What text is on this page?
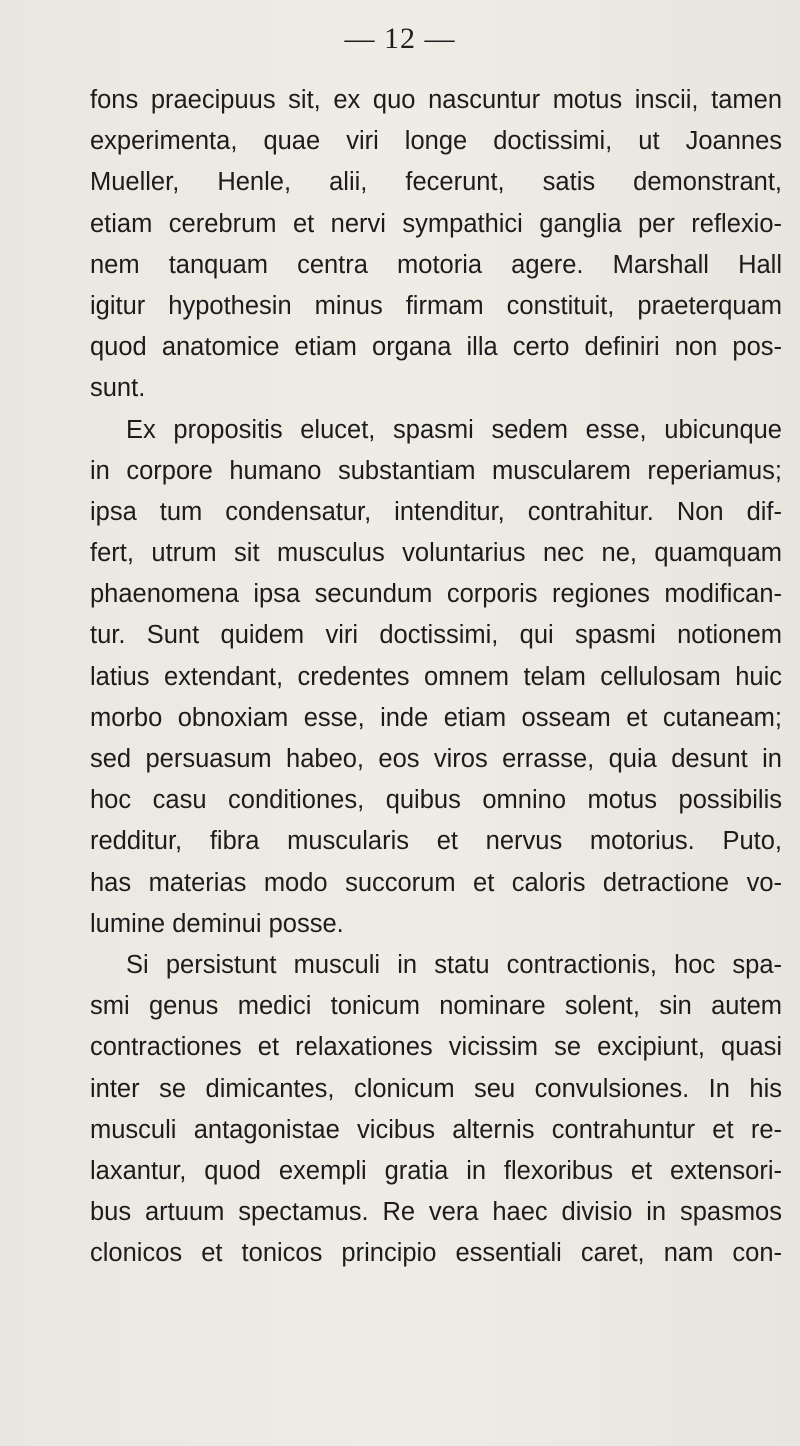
— 12 —
fons praecipuus sit, ex quo nascuntur motus inscii, tamen
experimenta, quae viri longe doctissimi, ut Joannes
Mueller, Henle, alii, fecerunt, satis demonstrant,
etiam cerebrum et nervi sympathici ganglia per reflexio-
nem tanquam centra motoria agere. Marshall Hall
igitur hypothesin minus firmam constituit, praeterquam
quod anatomice etiam organa illa certo definiri non pos-
sunt.
Ex propositis elucet, spasmi sedem esse, ubicunque
in corpore humano substantiam muscularem reperiamus;
ipsa tum condensatur, intenditur, contrahitur. Non dif-
fert, utrum sit musculus voluntarius nec ne, quamquam
phaenomena ipsa secundum corporis regiones modifican-
tur. Sunt quidem viri doctissimi, qui spasmi notionem
latius extendant, credentes omnem telam cellulosam huic
morbo obnoxiam esse, inde etiam osseam et cutaneam;
sed persuasum habeo, eos viros errasse, quia desunt in
hoc casu conditiones, quibus omnino motus possibilis
redditur, fibra muscularis et nervus motorius. Puto,
has materias modo succorum et caloris detractione vo-
lumine deminui posse.
Si persistunt musculi in statu contractionis, hoc spa-
smi genus medici tonicum nominare solent, sin autem
contractiones et relaxationes vicissim se excipiunt, quasi
inter se dimicantes, clonicum seu convulsiones. In his
musculi antagonistae vicibus alternis contrahuntur et re-
laxantur, quod exempli gratia in flexoribus et extensori-
bus artuum spectamus. Re vera haec divisio in spasmos
clonicos et tonicos principio essentiali caret, nam con-
